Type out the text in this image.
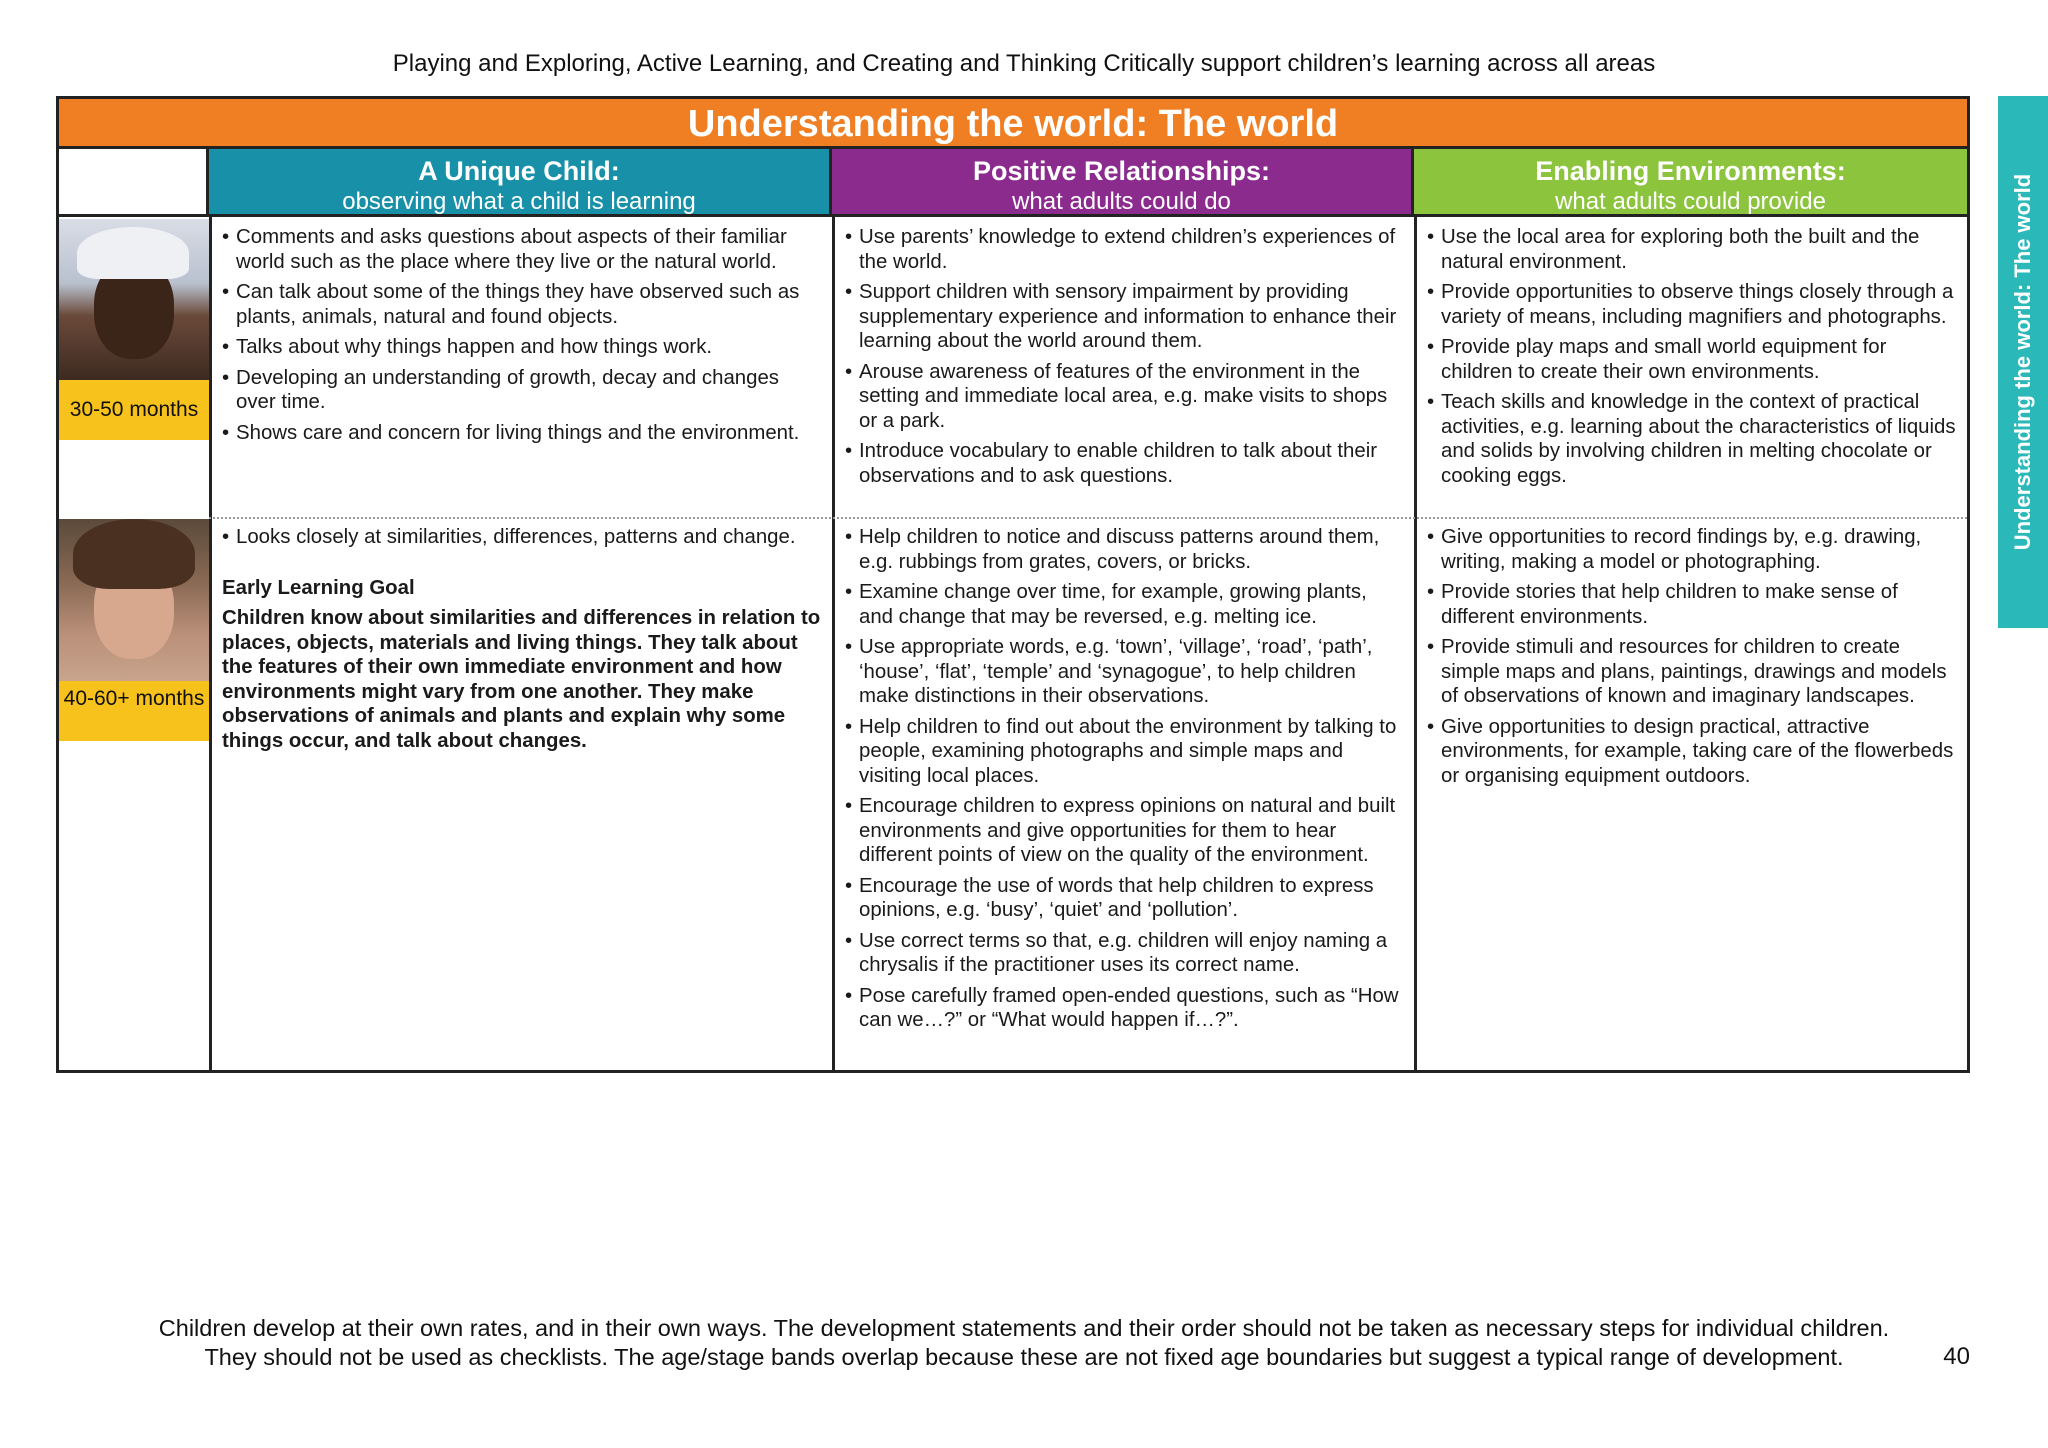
Playing and Exploring, Active Learning, and Creating and Thinking Critically support children’s learning across all areas
Understanding the world: The world
Understanding the world: The world
A Unique Child:
observing what a child is learning
Positive Relationships:
what adults could do
Enabling Environments:
what adults could provide
30-50 months
• Comments and asks questions about aspects of their familiar world such as the place where they live or the natural world.
• Can talk about some of the things they have observed such as plants, animals, natural and found objects.
• Talks about why things happen and how things work.
• Developing an understanding of growth, decay and changes over time.
• Shows care and concern for living things and the environment.
• Use parents’ knowledge to extend children’s experiences of the world.
• Support children with sensory impairment by providing supplementary experience and information to enhance their learning about the world around them.
• Arouse awareness of features of the environment in the setting and immediate local area, e.g. make visits to shops or a park.
• Introduce vocabulary to enable children to talk about their observations and to ask questions.
• Use the local area for exploring both the built and the natural environment.
• Provide opportunities to observe things closely through a variety of means, including magnifiers and photographs.
• Provide play maps and small world equipment for children to create their own environments.
• Teach skills and knowledge in the context of practical activities, e.g. learning about the characteristics of liquids and solids by involving children in melting chocolate or cooking eggs.
40-60+ months
• Looks closely at similarities, differences, patterns and change.
Early Learning Goal
Children know about similarities and differences in relation to places, objects, materials and living things. They talk about the features of their own immediate environment and how environments might vary from one another. They make observations of animals and plants and explain why some things occur, and talk about changes.
• Help children to notice and discuss patterns around them, e.g. rubbings from grates, covers, or bricks.
• Examine change over time, for example, growing plants, and change that may be reversed, e.g. melting ice.
• Use appropriate words, e.g. ‘town’, ‘village’, ‘road’, ‘path’, ‘house’, ‘flat’, ‘temple’ and ‘synagogue’, to help children make distinctions in their observations.
• Help children to find out about the environment by talking to people, examining photographs and simple maps and visiting local places.
• Encourage children to express opinions on natural and built environments and give opportunities for them to hear different points of view on the quality of the environment.
• Encourage the use of words that help children to express opinions, e.g. ‘busy’, ‘quiet’ and ‘pollution’.
• Use correct terms so that, e.g. children will enjoy naming a chrysalis if the practitioner uses its correct name.
• Pose carefully framed open-ended questions, such as “How can we…?” or “What would happen if…?”.
• Give opportunities to record findings by, e.g. drawing, writing, making a model or photographing.
• Provide stories that help children to make sense of different environments.
• Provide stimuli and resources for children to create simple maps and plans, paintings, drawings and models of observations of known and imaginary landscapes.
• Give opportunities to design practical, attractive environments, for example, taking care of the flowerbeds or organising equipment outdoors.
Children develop at their own rates, and in their own ways. The development statements and their order should not be taken as necessary steps for individual children.
They should not be used as checklists. The age/stage bands overlap because these are not fixed age boundaries but suggest a typical range of development.	40
